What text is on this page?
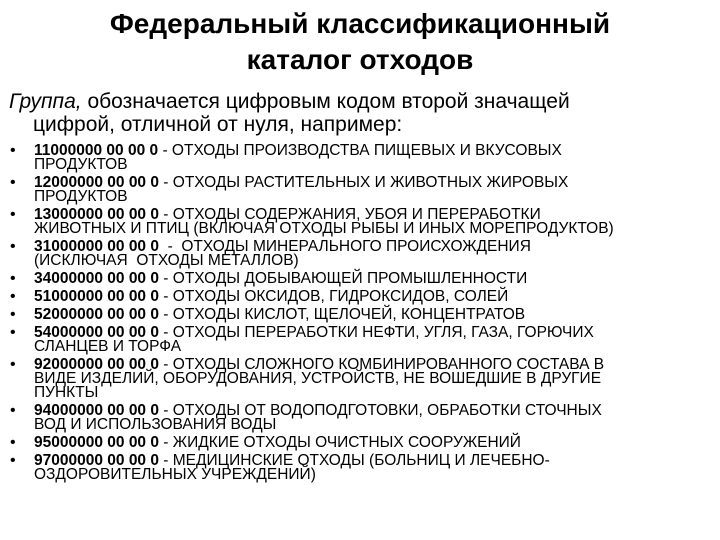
Федеральный классификационный
каталог отходов
Группа, обозначается цифровым кодом второй значащей
цифрой, отличной от нуля, например:
• 11000000 00 00 0 - ОТХОДЫ ПРОИЗВОДСТВА ПИЩЕВЫХ И ВКУСОВЫХ
ПРОДУКТОВ
• 12000000 00 00 0 - ОТХОДЫ РАСТИТЕЛЬНЫХ И ЖИВОТНЫХ ЖИРОВЫХ
ПРОДУКТОВ
• 13000000 00 00 0 - ОТХОДЫ СОДЕРЖАНИЯ, УБОЯ И ПЕРЕРАБОТКИ
ЖИВОТНЫХ И ПТИЦ (ВКЛЮЧАЯ ОТХОДЫ РЫБЫ И ИНЫХ МОРЕПРОДУКТОВ)
• 31000000 00 00 0  -  ОТХОДЫ МИНЕРАЛЬНОГО ПРОИСХОЖДЕНИЯ
(ИСКЛЮЧАЯ  ОТХОДЫ МЕТАЛЛОВ)
• 34000000 00 00 0 - ОТХОДЫ ДОБЫВАЮЩЕЙ ПРОМЫШЛЕННОСТИ
• 51000000 00 00 0 - ОТХОДЫ ОКСИДОВ, ГИДРОКСИДОВ, СОЛЕЙ
• 52000000 00 00 0 - ОТХОДЫ КИСЛОТ, ЩЕЛОЧЕЙ, КОНЦЕНТРАТОВ
• 54000000 00 00 0 - ОТХОДЫ ПЕРЕРАБОТКИ НЕФТИ, УГЛЯ, ГАЗА, ГОРЮЧИХ
СЛАНЦЕВ И ТОРФА
• 92000000 00 00 0 - ОТХОДЫ СЛОЖНОГО КОМБИНИРОВАННОГО СОСТАВА В
ВИДЕ ИЗДЕЛИЙ, ОБОРУДОВАНИЯ, УСТРОЙСТВ, НЕ ВОШЕДШИЕ В ДРУГИЕ
ПУНКТЫ
• 94000000 00 00 0 - ОТХОДЫ ОТ ВОДОПОДГОТОВКИ, ОБРАБОТКИ СТОЧНЫХ
ВОД И ИСПОЛЬЗОВАНИЯ ВОДЫ
• 95000000 00 00 0 - ЖИДКИЕ ОТХОДЫ ОЧИСТНЫХ СООРУЖЕНИЙ
• 97000000 00 00 0 - МЕДИЦИНСКИЕ ОТХОДЫ (БОЛЬНИЦ И ЛЕЧЕБНО-
ОЗДОРОВИТЕЛЬНЫХ УЧРЕЖДЕНИЙ)
